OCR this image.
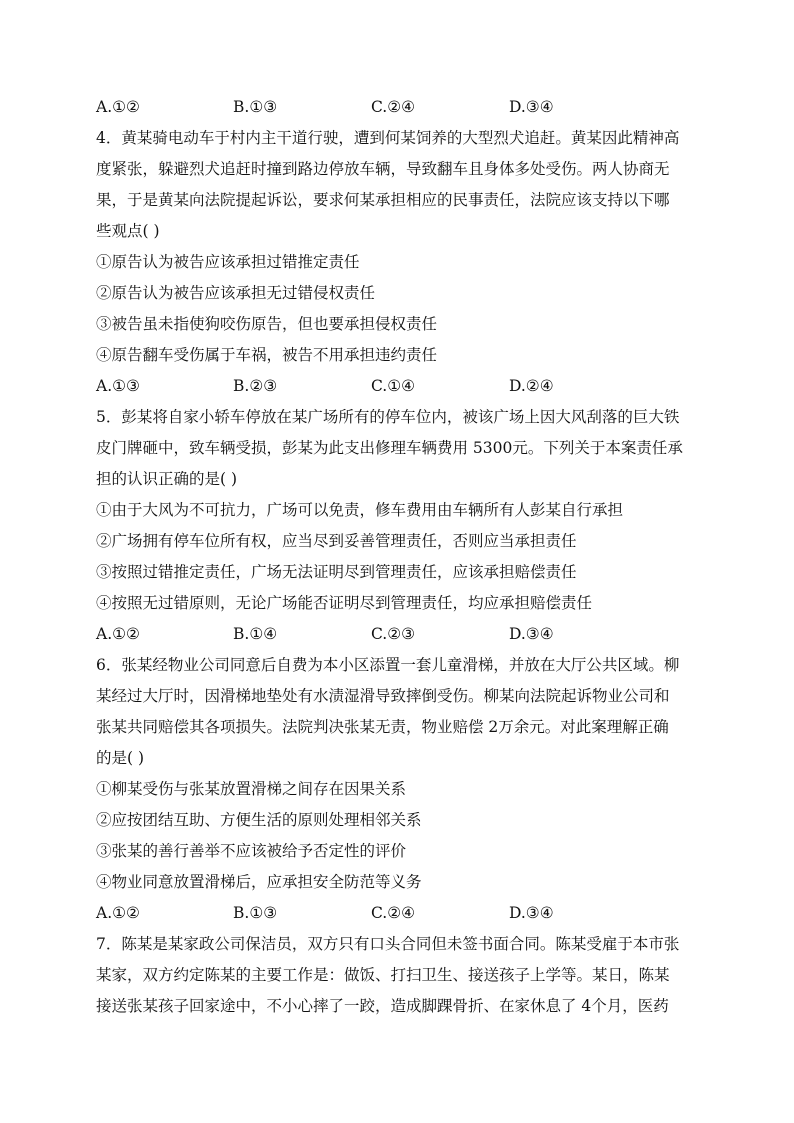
A.①②	B.①③	C.②④	D.③④
4．黄某骑电动车于村内主干道行驶，遭到何某饲养的大型烈犬追赶。黄某因此精神高
度紧张，躲避烈犬追赶时撞到路边停放车辆，导致翻车且身体多处受伤。两人协商无
果，于是黄某向法院提起诉讼，要求何某承担相应的民事责任，法院应该支持以下哪
些观点( )
①原告认为被告应该承担过错推定责任
②原告认为被告应该承担无过错侵权责任
③被告虽未指使狗咬伤原告，但也要承担侵权责任
④原告翻车受伤属于车祸，被告不用承担违约责任
A.①③	B.②③	C.①④	D.②④
5．彭某将自家小轿车停放在某广场所有的停车位内，被该广场上因大风刮落的巨大铁
皮门牌砸中，致车辆受损，彭某为此支出修理车辆费用 5300元。下列关于本案责任承
担的认识正确的是( )
①由于大风为不可抗力，广场可以免责，修车费用由车辆所有人彭某自行承担
②广场拥有停车位所有权，应当尽到妥善管理责任，否则应当承担责任
③按照过错推定责任，广场无法证明尽到管理责任，应该承担赔偿责任
④按照无过错原则，无论广场能否证明尽到管理责任，均应承担赔偿责任
A.①②	B.①④	C.②③	D.③④
6．张某经物业公司同意后自费为本小区添置一套儿童滑梯，并放在大厅公共区域。柳
某经过大厅时，因滑梯地垫处有水渍湿滑导致摔倒受伤。柳某向法院起诉物业公司和
张某共同赔偿其各项损失。法院判决张某无责，物业赔偿 2万余元。对此案理解正确
的是( )
①柳某受伤与张某放置滑梯之间存在因果关系
②应按团结互助、方便生活的原则处理相邻关系
③张某的善行善举不应该被给予否定性的评价
④物业同意放置滑梯后，应承担安全防范等义务
A.①②	B.①③	C.②④	D.③④
7．陈某是某家政公司保洁员，双方只有口头合同但未签书面合同。陈某受雇于本市张
某家，双方约定陈某的主要工作是：做饭、打扫卫生、接送孩子上学等。某日，陈某
接送张某孩子回家途中，不小心摔了一跤，造成脚踝骨折、在家休息了 4个月，医药
